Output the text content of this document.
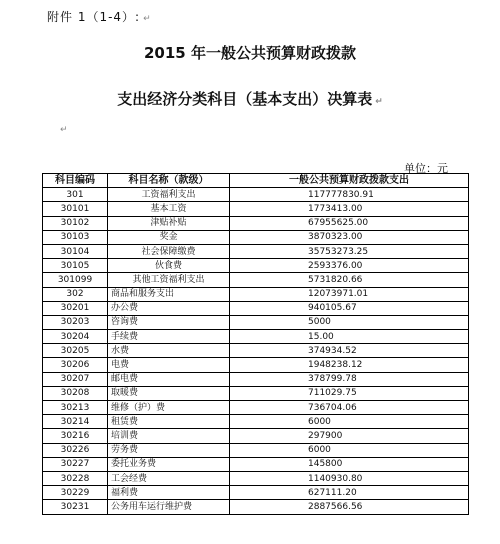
附件 1（1-4）: ↵
2015 年一般公共预算财政拨款
支出经济分类科目（基本支出）决算表 ↵
↵
单位：元
科目编码	科目名称（款级）	一般公共预算财政拨款支出
301	工资福利支出	117777830.91
30101	基本工资	1773413.00
30102	津贴补贴	67955625.00
30103	奖金	3870323.00
30104	社会保障缴费	35753273.25
30105	伙食费	2593376.00
301099	其他工资福利支出	5731820.66
302	商品和服务支出	12073971.01
30201	办公费	940105.67
30203	咨询费	5000
30204	手续费	15.00
30205	水费	374934.52
30206	电费	1948238.12
30207	邮电费	378799.78
30208	取暖费	711029.75
30213	维修（护）费	736704.06
30214	租赁费	6000
30216	培训费	297900
30226	劳务费	6000
30227	委托业务费	145800
30228	工会经费	1140930.80
30229	福利费	627111.20
30231	公务用车运行维护费	2887566.56
